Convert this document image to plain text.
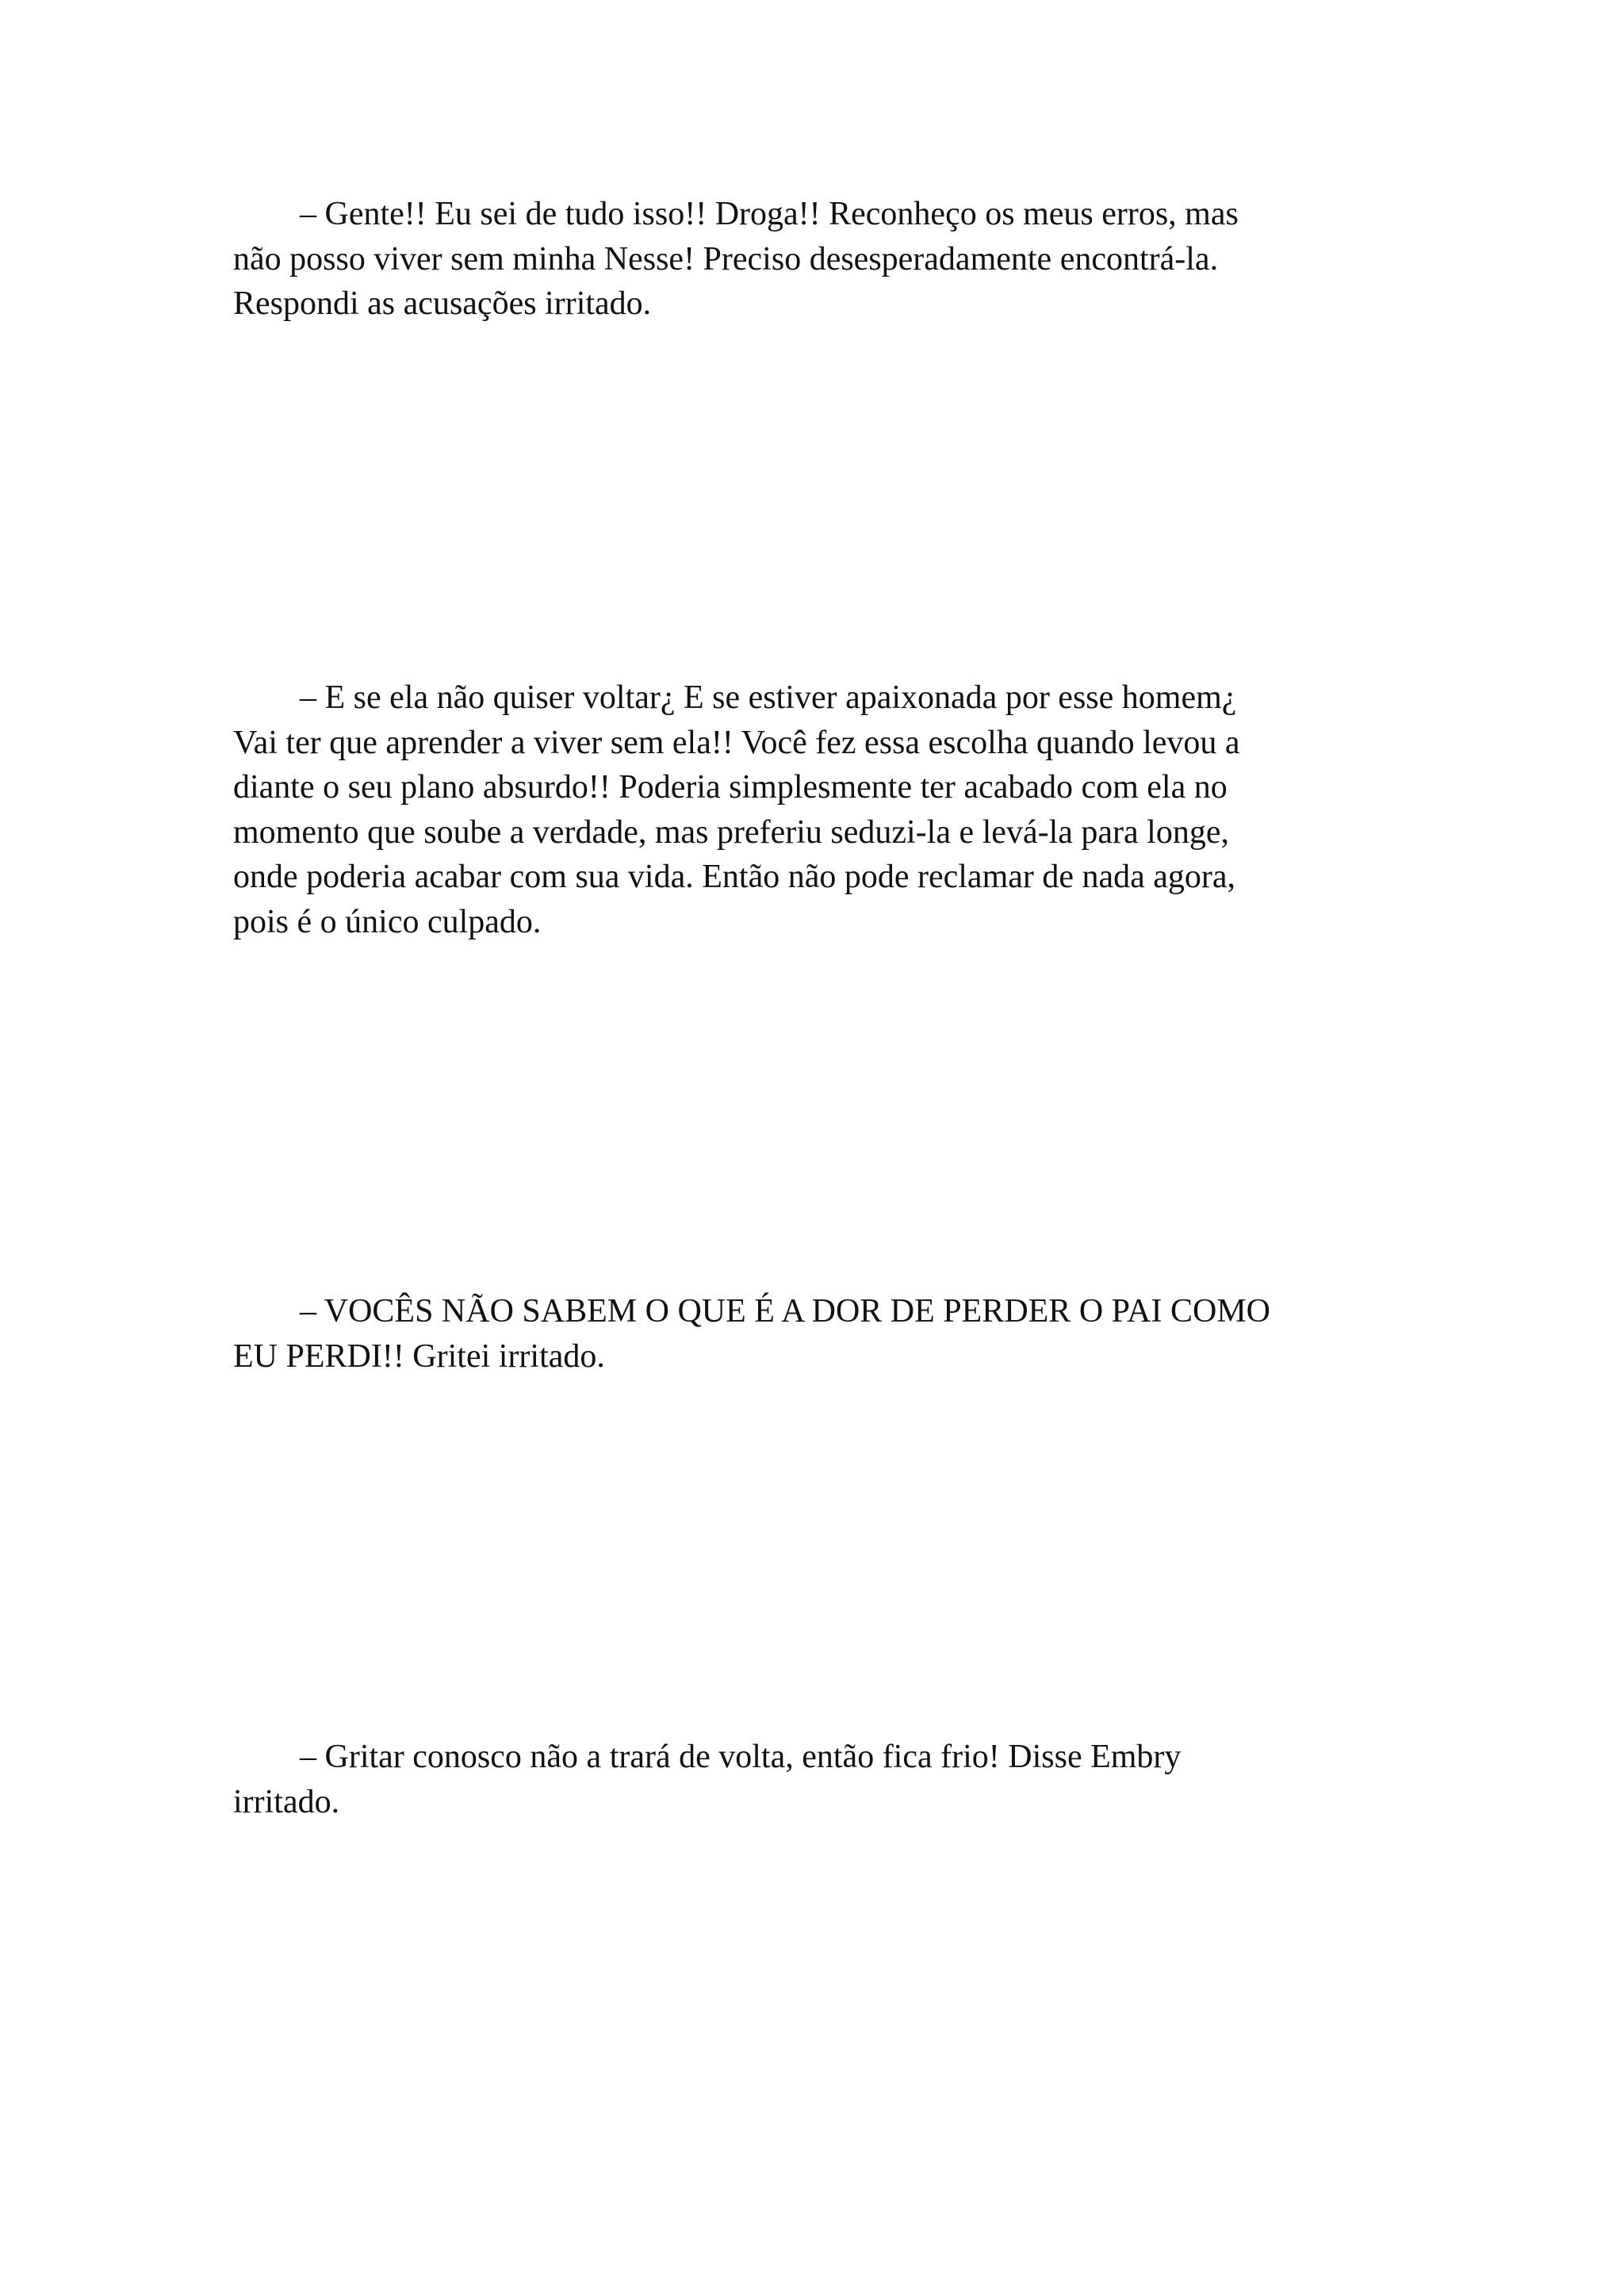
– Gente!! Eu sei de tudo isso!! Droga!! Reconheço os meus erros, mas
não posso viver sem minha Nesse! Preciso desesperadamente encontrá-la.
Respondi as acusações irritado.

– E se ela não quiser voltar¿ E se estiver apaixonada por esse homem¿
Vai ter que aprender a viver sem ela!! Você fez essa escolha quando levou a
diante o seu plano absurdo!! Poderia simplesmente ter acabado com ela no
momento que soube a verdade, mas preferiu seduzi-la e levá-la para longe,
onde poderia acabar com sua vida. Então não pode reclamar de nada agora,
pois é o único culpado.

– VOCÊS NÃO SABEM O QUE É A DOR DE PERDER O PAI COMO
EU PERDI!! Gritei irritado.

– Gritar conosco não a trará de volta, então fica frio! Disse Embry
irritado.
